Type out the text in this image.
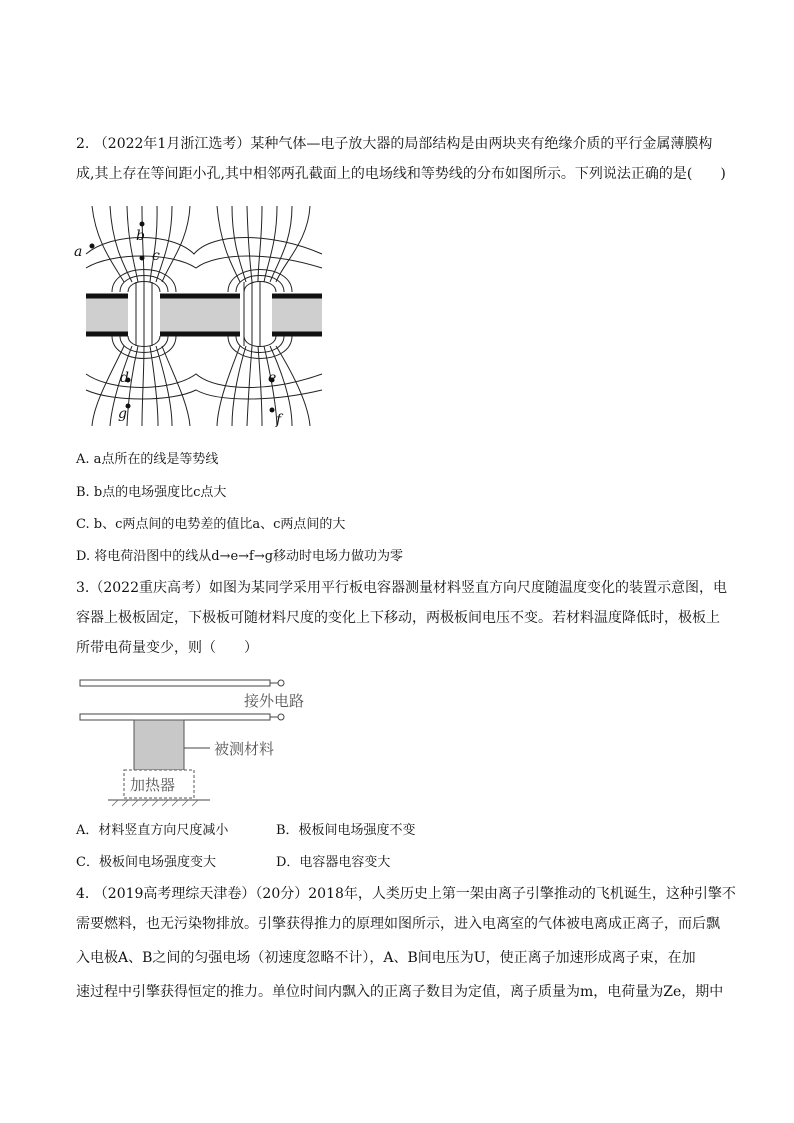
2. （2022年1月浙江选考）某种气体—电子放大器的局部结构是由两块夹有绝缘介质的平行金属薄膜构
成,其上存在等间距小孔,其中相邻两孔截面上的电场线和等势线的分布如图所示。下列说法正确的是(　　)
a
b
c
d
g
e
f
A. a点所在的线是等势线
B. b点的电场强度比c点大
C. b、c两点间的电势差的值比a、c两点间的大
D. 将电荷沿图中的线从d→e→f→g移动时电场力做功为零
3.（2022重庆高考）如图为某同学采用平行板电容器测量材料竖直方向尺度随温度变化的装置示意图，电
容器上极板固定，下极板可随材料尺度的变化上下移动，两极板间电压不变。若材料温度降低时，极板上
所带电荷量变少，则（　　）
接外电路
被测材料
加热器
A．材料竖直方向尺度减小	B．极板间电场强度不变
C．极板间电场强度变大	D．电容器电容变大
4. （2019高考理综天津卷）（20分）2018年，人类历史上第一架由离子引擎推动的飞机诞生，这种引擎不
需要燃料，也无污染物排放。引擎获得推力的原理如图所示，进入电离室的气体被电离成正离子，而后飘
入电极A、B之间的匀强电场（初速度忽略不计），A、B间电压为U，使正离子加速形成离子束，在加
速过程中引擎获得恒定的推力。单位时间内飘入的正离子数目为定值，离子质量为m，电荷量为Ze，期中
